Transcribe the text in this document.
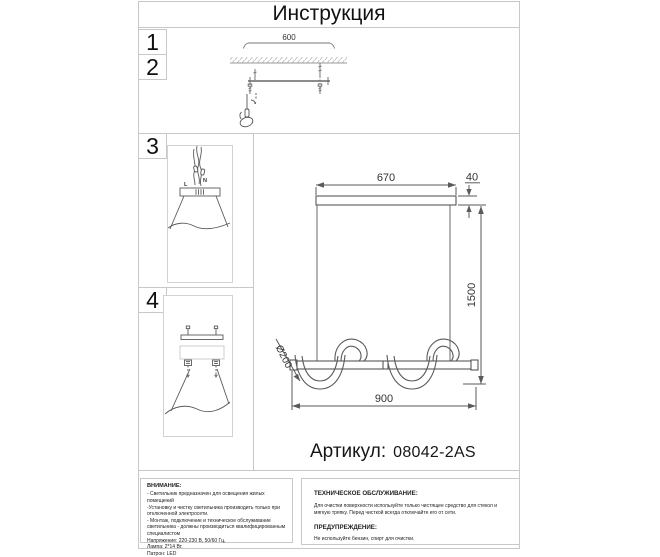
Инструкция
1
2
3
4
600
L
N	670	40
1500
Ø200
900
Артикул: 08042-2AS
ВНИМАНИЕ:
- Светильник предназначен для освещения жилых
помещений
-Установку и чистку светильника производить только при
отключенной электросети.
- Монтаж, подключение и техническое обслуживание
светильника - должны производиться квалифицированным
специалистом
Напряжение: 220-230 В, 50/60 Гц,
Лампа: 2*14 Вт.
Патрон: LED
ТЕХНИЧЕСКОЕ ОБСЛУЖИВАНИЕ:
Для очистки поверхности используйте только чистящее средство для стекол и мягкую тряпку. Перед чисткой всегда отключайте его от сети.
ПРЕДУПРЕЖДЕНИЕ:
Не используйте бензин, спирт для очистки.
